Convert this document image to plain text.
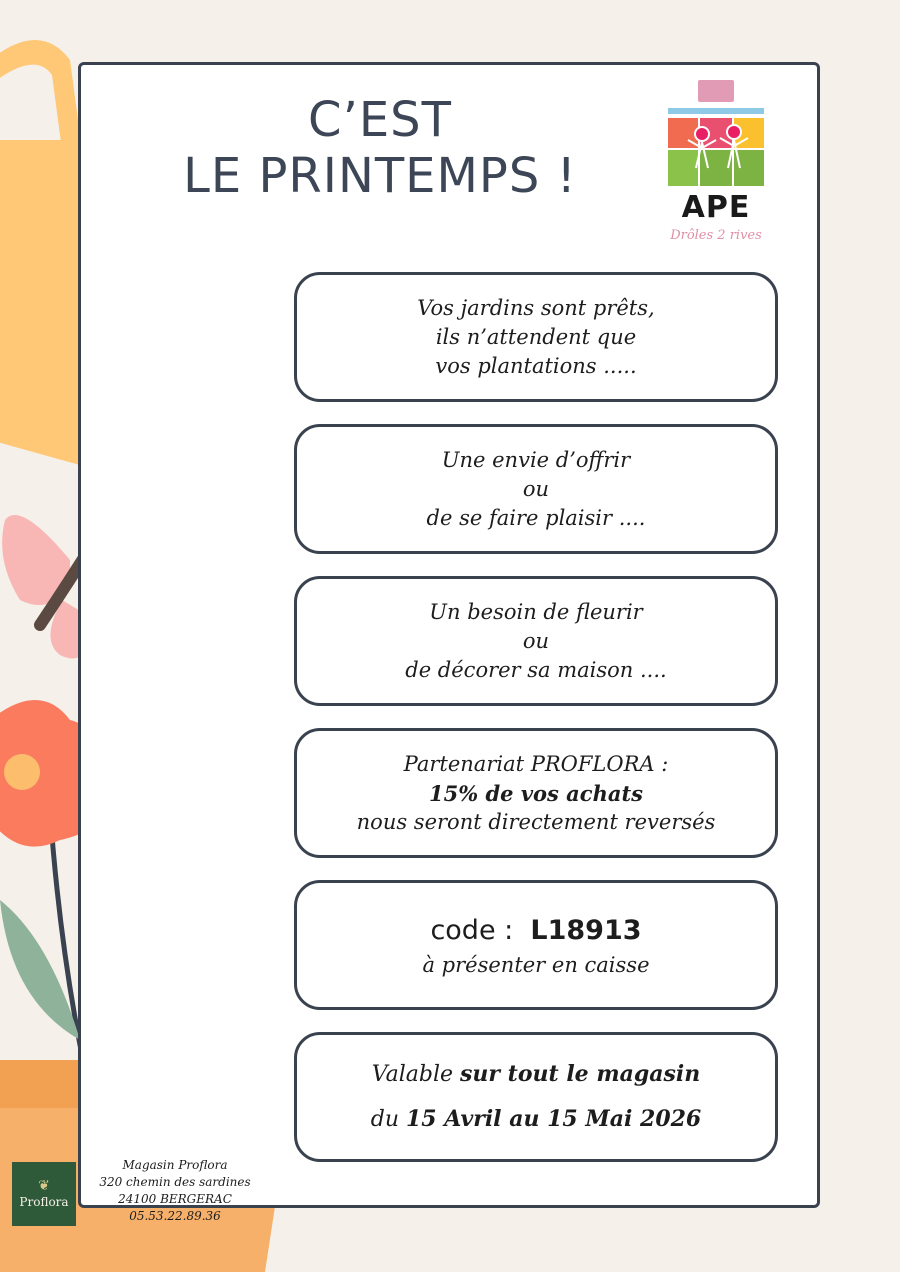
C’EST
LE PRINTEMPS !
APE
Drôles 2 rives
Vos jardins sont prêts,
ils n’attendent que
vos plantations .....
Une envie d’offrir
ou
de se faire plaisir ....
Un besoin de fleurir
ou
de décorer sa maison ....
Partenariat PROFLORA :
15% de vos achats
nous seront directement reversés
code : L18913
à présenter en caisse
Valable sur tout le magasin
du 15 Avril au 15 Mai 2026
❦
Proflora
Magasin Proflora
320 chemin des sardines
24100 BERGERAC
05.53.22.89.36
